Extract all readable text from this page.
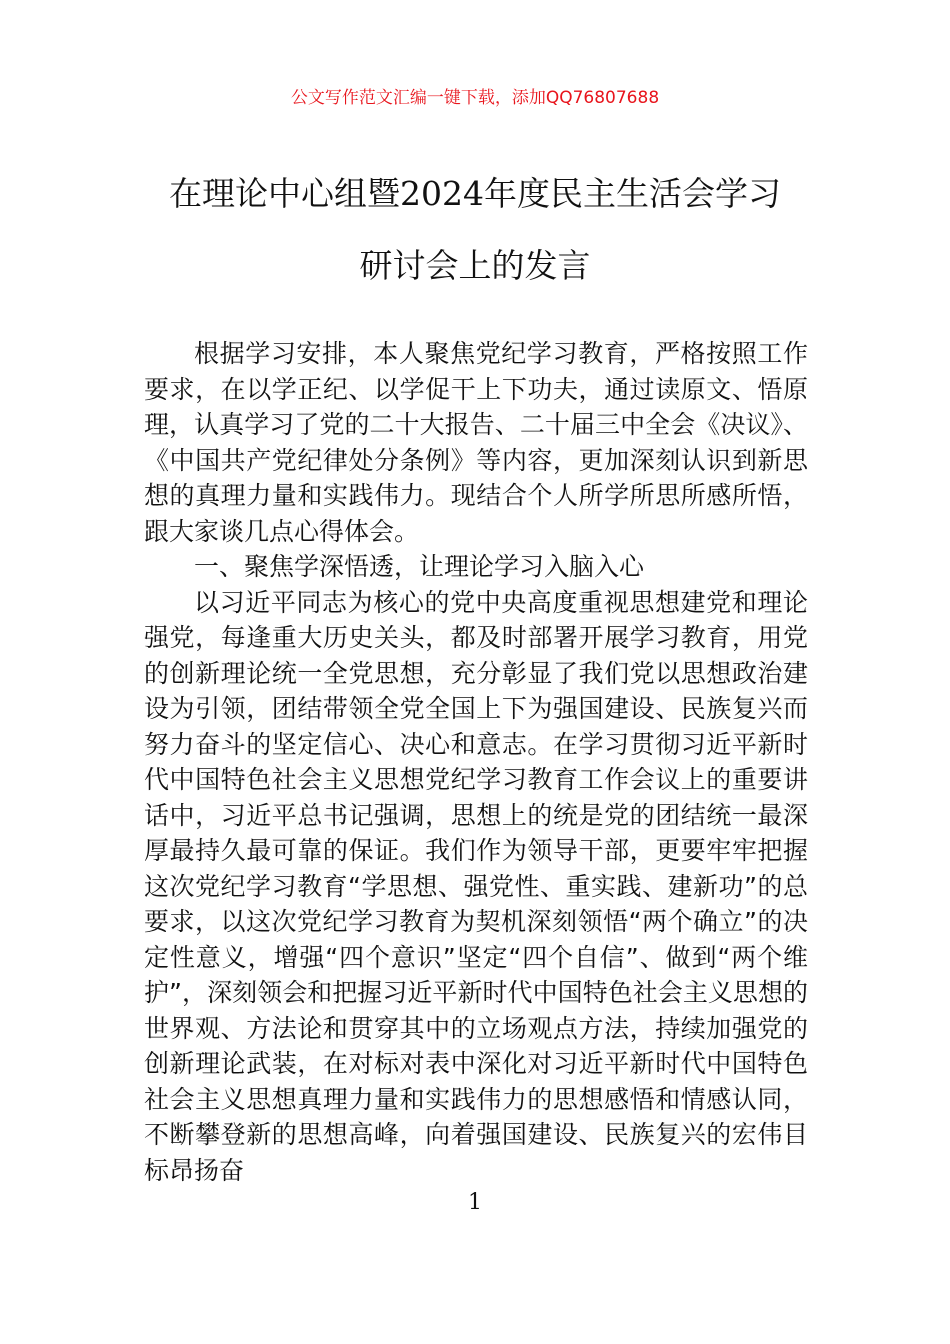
公文写作范文汇编一键下载，添加QQ76807688
在理论中心组暨2024年度民主生活会学习
研讨会上的发言

根据学习安排，本人聚焦党纪学习教育，严格按照工作要求，在以学正纪、以学促干上下功夫，通过读原文、悟原理，认真学习了党的二十大报告、二十届三中全会《决议》、《中国共产党纪律处分条例》等内容，更加深刻认识到新思想的真理力量和实践伟力。现结合个人所学所思所感所悟，跟大家谈几点心得体会。

一、聚焦学深悟透，让理论学习入脑入心

以习近平同志为核心的党中央高度重视思想建党和理论强党，每逢重大历史关头，都及时部署开展学习教育，用党的创新理论统一全党思想，充分彰显了我们党以思想政治建设为引领，团结带领全党全国上下为强国建设、民族复兴而努力奋斗的坚定信心、决心和意志。在学习贯彻习近平新时代中国特色社会主义思想党纪学习教育工作会议上的重要讲话中，习近平总书记强调，思想上的统是党的团结统一最深厚最持久最可靠的保证。我们作为领导干部，更要牢牢把握这次党纪学习教育“学思想、强党性、重实践、建新功”的总要求，以这次党纪学习教育为契机深刻领悟“两个确立”的决定性意义，增强“四个意识”坚定“四个自信”、做到“两个维护”，深刻领会和把握习近平新时代中国特色社会主义思想的世界观、方法论和贯穿其中的立场观点方法，持续加强党的创新理论武装，在对标对表中深化对习近平新时代中国特色社会主义思想真理力量和实践伟力的思想感悟和情感认同，不断攀登新的思想高峰，向着强国建设、民族复兴的宏伟目标昂扬奋

1
